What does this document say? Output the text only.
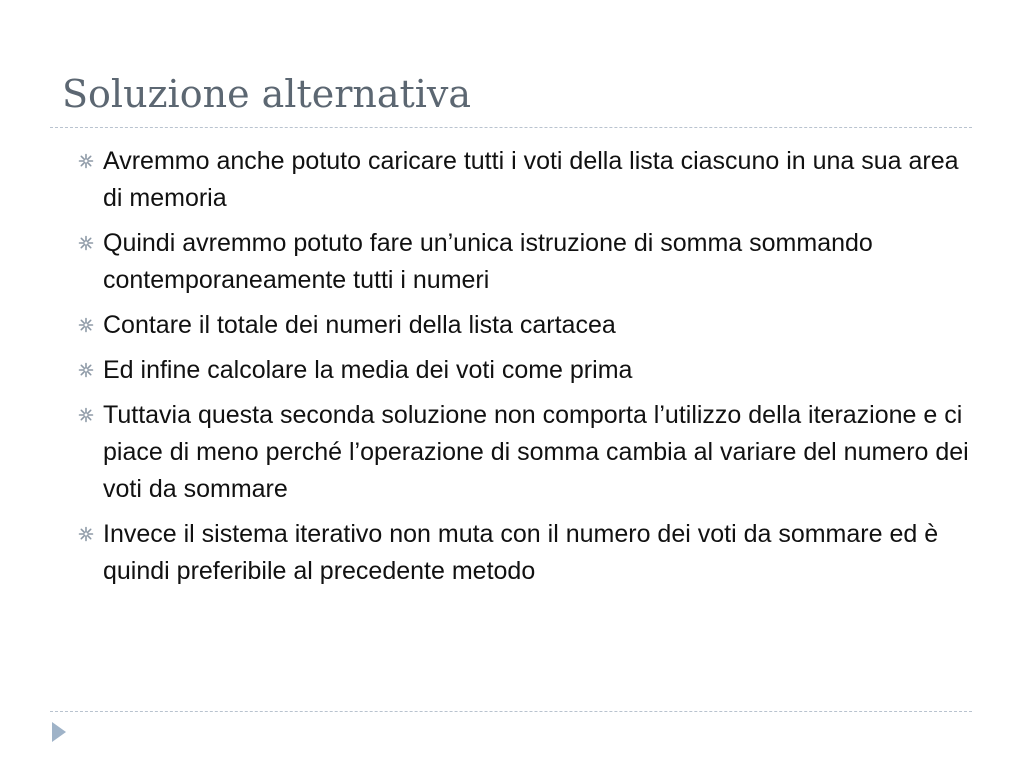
Soluzione alternativa
Avremmo anche potuto caricare tutti i voti della lista ciascuno in una sua area di memoria
Quindi avremmo potuto fare un’unica istruzione di somma sommando contemporaneamente tutti i numeri
Contare il totale dei numeri della lista cartacea
Ed infine calcolare la media dei voti come prima
Tuttavia questa seconda soluzione non comporta l’utilizzo della iterazione e ci piace di meno perché l’operazione di somma cambia al variare del numero dei voti da sommare
Invece il sistema iterativo non muta con il numero dei voti da sommare ed è quindi preferibile al precedente metodo
